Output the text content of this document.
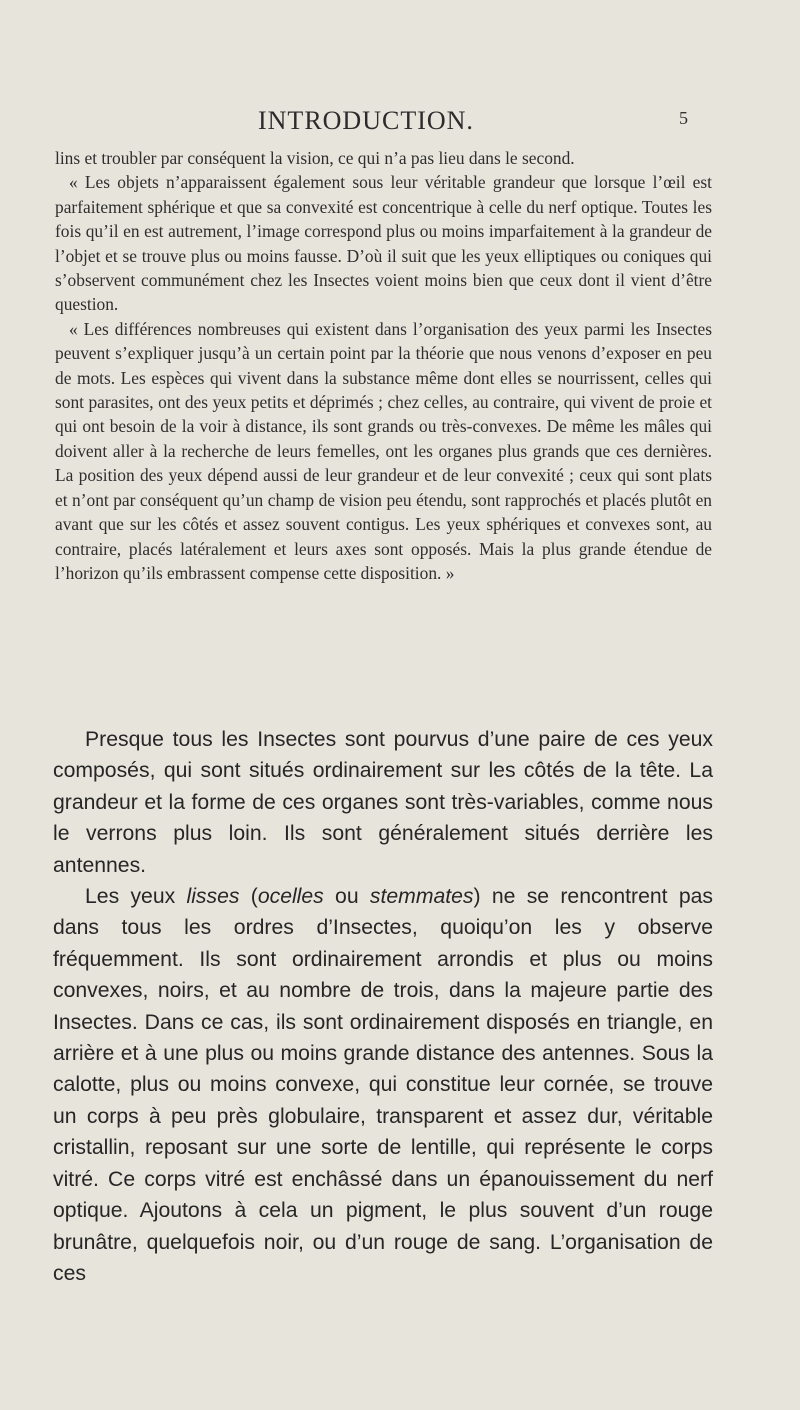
INTRODUCTION.	5

lins et troubler par conséquent la vision, ce qui n’a pas lieu dans le second.

« Les objets n’apparaissent également sous leur véritable grandeur que lorsque l’œil est parfaitement sphérique et que sa convexité est concentrique à celle du nerf optique. Toutes les fois qu’il en est autrement, l’image correspond plus ou moins imparfaitement à la grandeur de l’objet et se trouve plus ou moins fausse. D’où il suit que les yeux elliptiques ou coniques qui s’observent communément chez les Insectes voient moins bien que ceux dont il vient d’être question.

« Les différences nombreuses qui existent dans l’organisation des yeux parmi les Insectes peuvent s’expliquer jusqu’à un certain point par la théorie que nous venons d’exposer en peu de mots. Les espèces qui vivent dans la substance même dont elles se nourrissent, celles qui sont parasites, ont des yeux petits et déprimés ; chez celles, au contraire, qui vivent de proie et qui ont besoin de la voir à distance, ils sont grands ou très-convexes. De même les mâles qui doivent aller à la recherche de leurs femelles, ont les organes plus grands que ces dernières. La position des yeux dépend aussi de leur grandeur et de leur convexité ; ceux qui sont plats et n’ont par conséquent qu’un champ de vision peu étendu, sont rapprochés et placés plutôt en avant que sur les côtés et assez souvent contigus. Les yeux sphériques et convexes sont, au contraire, placés latéralement et leurs axes sont opposés. Mais la plus grande étendue de l’horizon qu’ils embrassent compense cette disposition. »

Presque tous les Insectes sont pourvus d’une paire de ces yeux composés, qui sont situés ordinairement sur les côtés de la tête. La grandeur et la forme de ces organes sont très-variables, comme nous le verrons plus loin. Ils sont généralement situés derrière les antennes.

Les yeux lisses (ocelles ou stemmates) ne se rencontrent pas dans tous les ordres d’Insectes, quoiqu’on les y observe fréquemment. Ils sont ordinairement arrondis et plus ou moins convexes, noirs, et au nombre de trois, dans la majeure partie des Insectes. Dans ce cas, ils sont ordinairement disposés en triangle, en arrière et à une plus ou moins grande distance des antennes. Sous la calotte, plus ou moins convexe, qui constitue leur cornée, se trouve un corps à peu près globulaire, transparent et assez dur, véritable cristallin, reposant sur une sorte de lentille, qui représente le corps vitré. Ce corps vitré est enchâssé dans un épanouissement du nerf optique. Ajoutons à cela un pigment, le plus souvent d’un rouge brunâtre, quelquefois noir, ou d’un rouge de sang. L’organisation de ces
